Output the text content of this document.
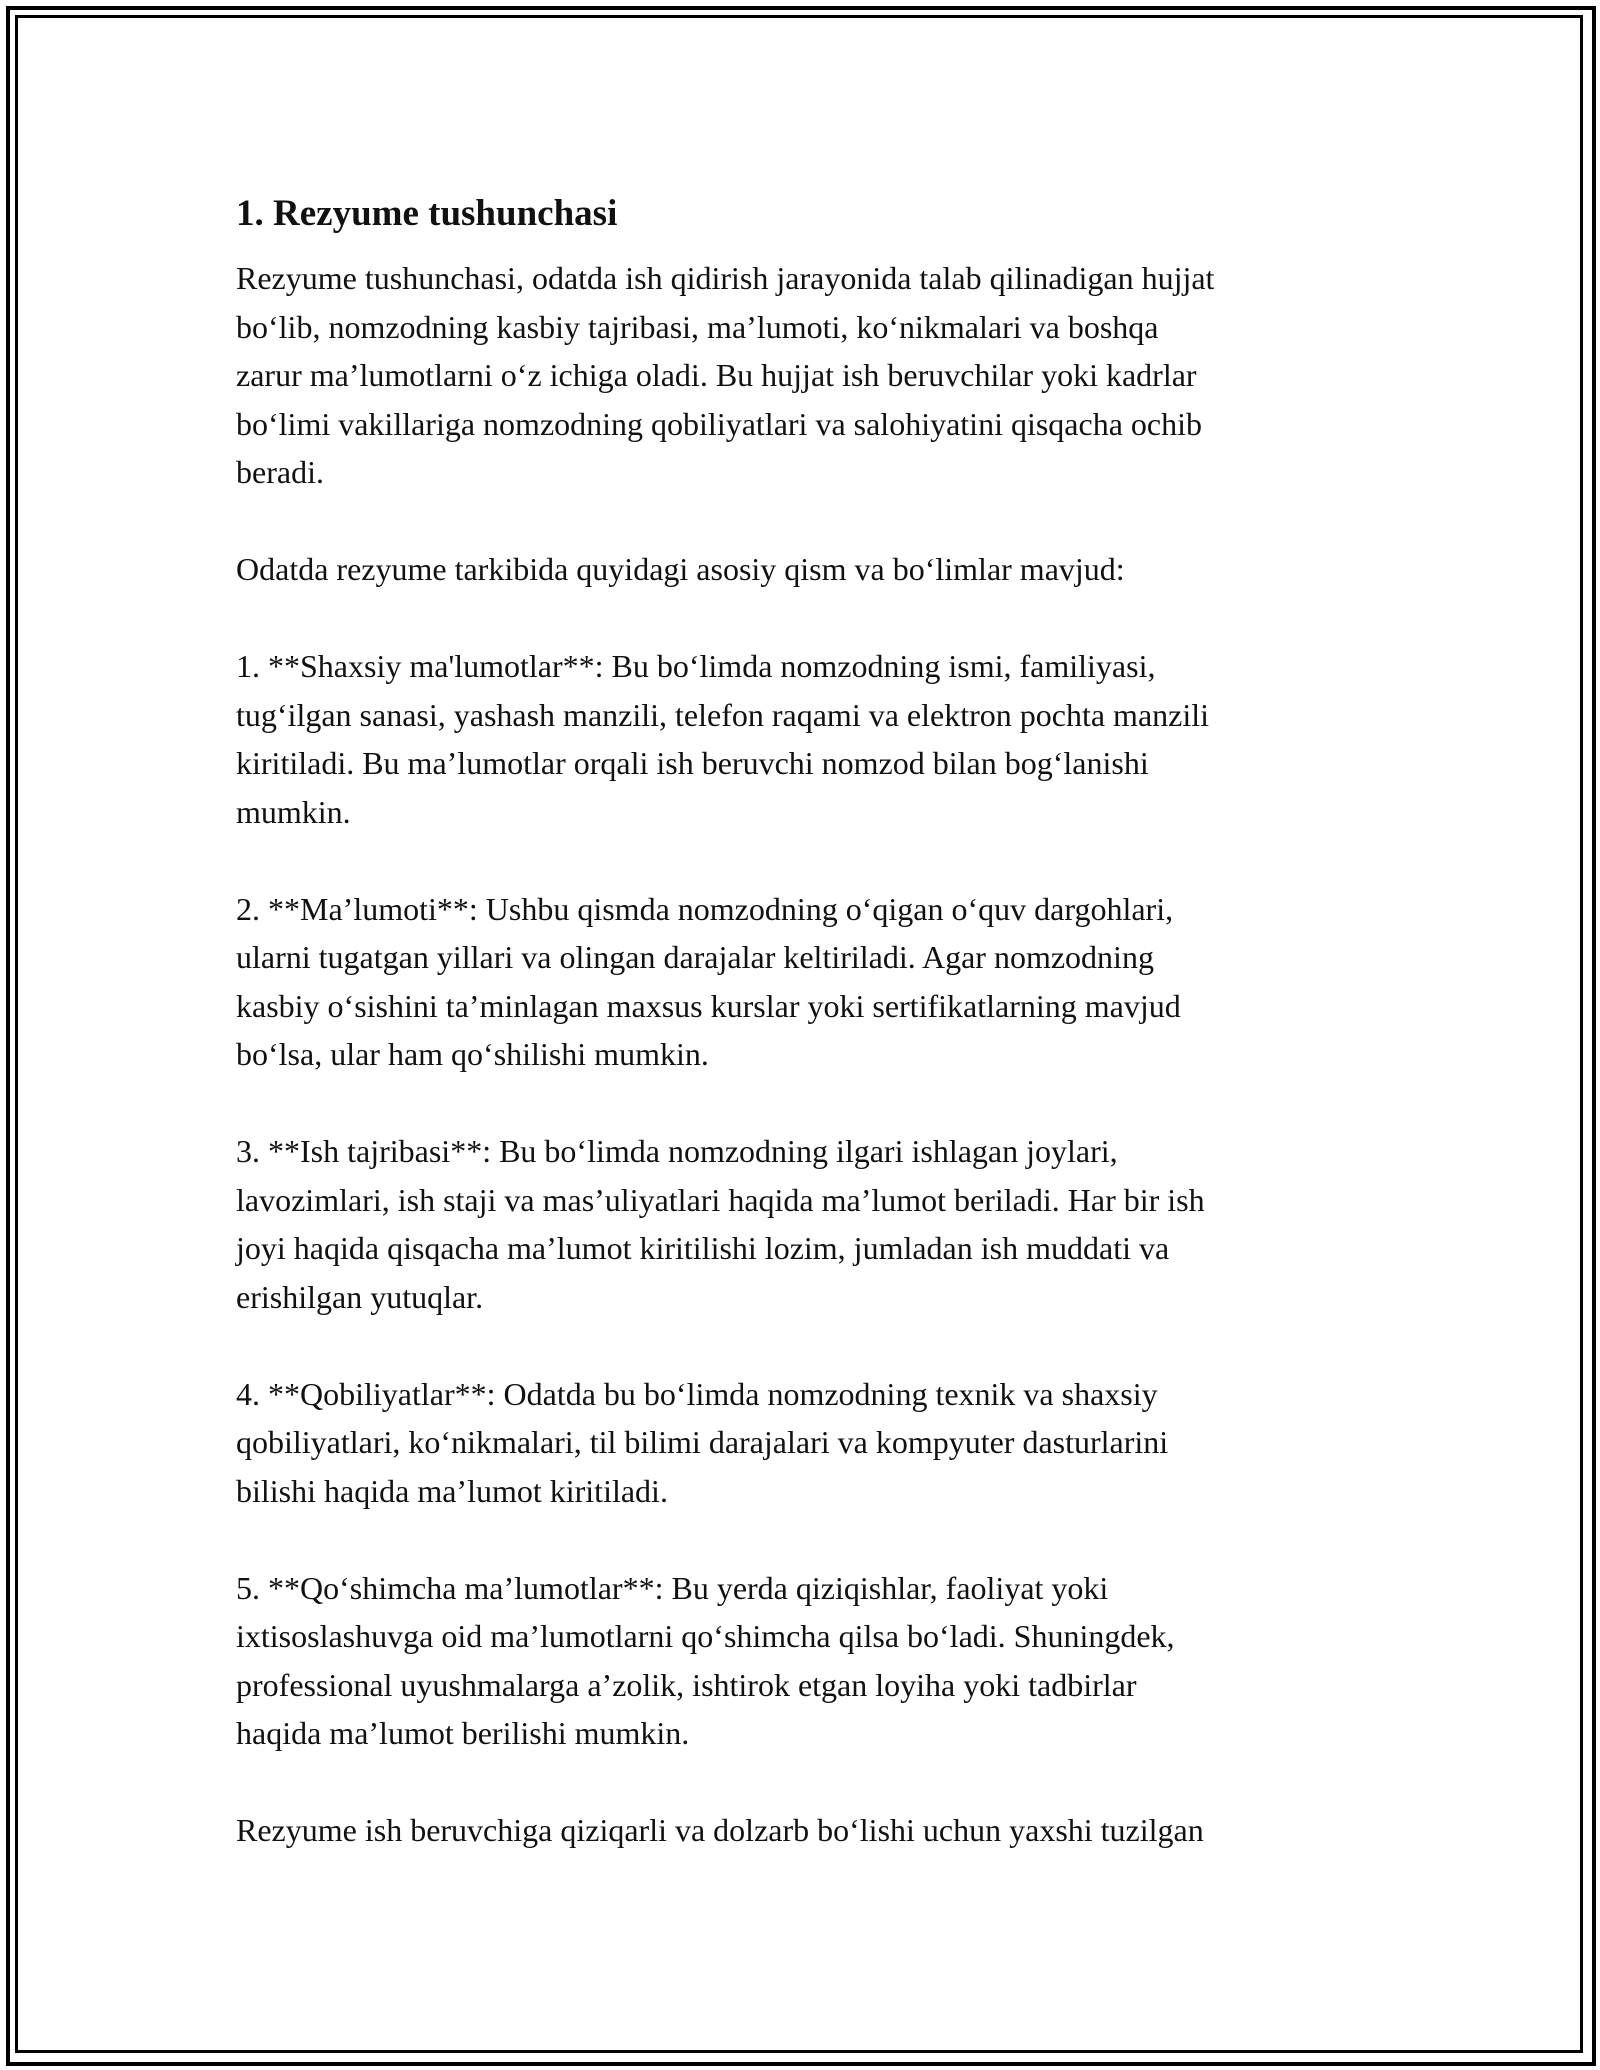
1. Rezyume tushunchasi

Rezyume tushunchasi, odatda ish qidirish jarayonida talab qilinadigan hujjat
bo‘lib, nomzodning kasbiy tajribasi, ma’lumoti, ko‘nikmalari va boshqa
zarur ma’lumotlarni o‘z ichiga oladi. Bu hujjat ish beruvchilar yoki kadrlar
bo‘limi vakillariga nomzodning qobiliyatlari va salohiyatini qisqacha ochib
beradi.

Odatda rezyume tarkibida quyidagi asosiy qism va bo‘limlar mavjud:

1. **Shaxsiy ma'lumotlar**: Bu bo‘limda nomzodning ismi, familiyasi,
tug‘ilgan sanasi, yashash manzili, telefon raqami va elektron pochta manzili
kiritiladi. Bu ma’lumotlar orqali ish beruvchi nomzod bilan bog‘lanishi
mumkin.

2. **Ma’lumoti**: Ushbu qismda nomzodning o‘qigan o‘quv dargohlari,
ularni tugatgan yillari va olingan darajalar keltiriladi. Agar nomzodning
kasbiy o‘sishini ta’minlagan maxsus kurslar yoki sertifikatlarning mavjud
bo‘lsa, ular ham qo‘shilishi mumkin.

3. **Ish tajribasi**: Bu bo‘limda nomzodning ilgari ishlagan joylari,
lavozimlari, ish staji va mas’uliyatlari haqida ma’lumot beriladi. Har bir ish
joyi haqida qisqacha ma’lumot kiritilishi lozim, jumladan ish muddati va
erishilgan yutuqlar.

4. **Qobiliyatlar**: Odatda bu bo‘limda nomzodning texnik va shaxsiy
qobiliyatlari, ko‘nikmalari, til bilimi darajalari va kompyuter dasturlarini
bilishi haqida ma’lumot kiritiladi.

5. **Qo‘shimcha ma’lumotlar**: Bu yerda qiziqishlar, faoliyat yoki
ixtisoslashuvga oid ma’lumotlarni qo‘shimcha qilsa bo‘ladi. Shuningdek,
professional uyushmalarga a’zolik, ishtirok etgan loyiha yoki tadbirlar
haqida ma’lumot berilishi mumkin.

Rezyume ish beruvchiga qiziqarli va dolzarb bo‘lishi uchun yaxshi tuzilgan
